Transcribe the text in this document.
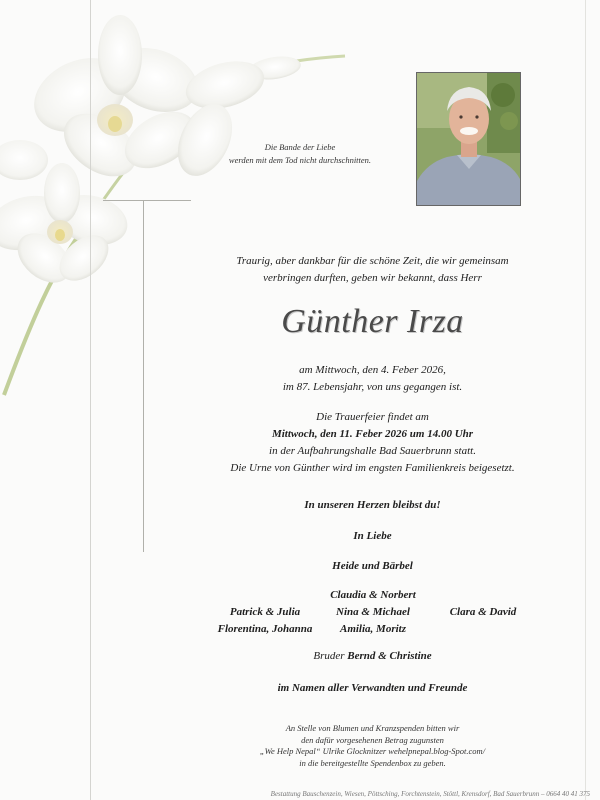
Die Bande der Liebe
werden mit dem Tod nicht durchschnitten.
Traurig, aber dankbar für die schöne Zeit, die wir gemeinsam
verbringen durften, geben wir bekannt, dass Herr
Günther Irza
am Mittwoch, den 4. Feber 2026,
im 87. Lebensjahr, von uns gegangen ist.
Die Trauerfeier findet am
Mittwoch, den 11. Feber 2026 um 14.00 Uhr
in der Aufbahrungshalle Bad Sauerbrunn statt.
Die Urne von Günther wird im engsten Familienkreis beigesetzt.
In unseren Herzen bleibst du!
In Liebe
Heide und Bärbel
Patrick & Julia
Florentina, Johanna
Claudia & Norbert
Nina & Michael
Amilia, Moritz
Clara & David
Bruder Bernd & Christine
im Namen aller Verwandten und Freunde
An Stelle von Blumen und Kranzspenden bitten wir
den dafür vorgesehenen Betrag zugunsten
„We Help Nepal“ Ulrike Glocknitzer wehelpnepal.blog-Spot.com/
in die bereitgestellte Spendenbox zu geben.
Bestattung Bauschenzein, Wiesen, Pöttsching, Forchtenstein, Stöttl, Krensdorf, Bad Sauerbrunn – 0664 40 41 375
